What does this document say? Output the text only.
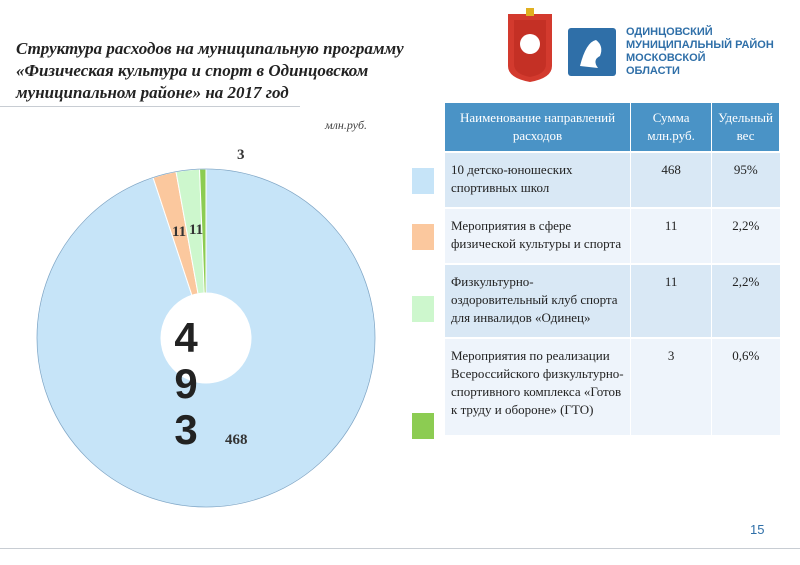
Структура расходов на муниципальную программу
«Физическая культура и спорт в Одинцовском
муниципальном районе» на 2017 год
млн.руб.
ОДИНЦОВСКИЙ
МУНИЦИПАЛЬНЫЙ РАЙОН
МОСКОВСКОЙ
ОБЛАСТИ
468
11 11
3
4
9
3
Наименование направлений расходов	Сумма млн.руб.	Удельный вес
10 детско-юношеских спортивных школ	468	95%
Мероприятия в сфере физической культуры и спорта	11	2,2%
Физкультурно-оздоровительный клуб спорта для инвалидов «Одинец»	11	2,2%
Мероприятия по реализации Всероссийского физкультурно-спортивного комплекса «Готов к труду и обороне» (ГТО)	3	0,6%
15
